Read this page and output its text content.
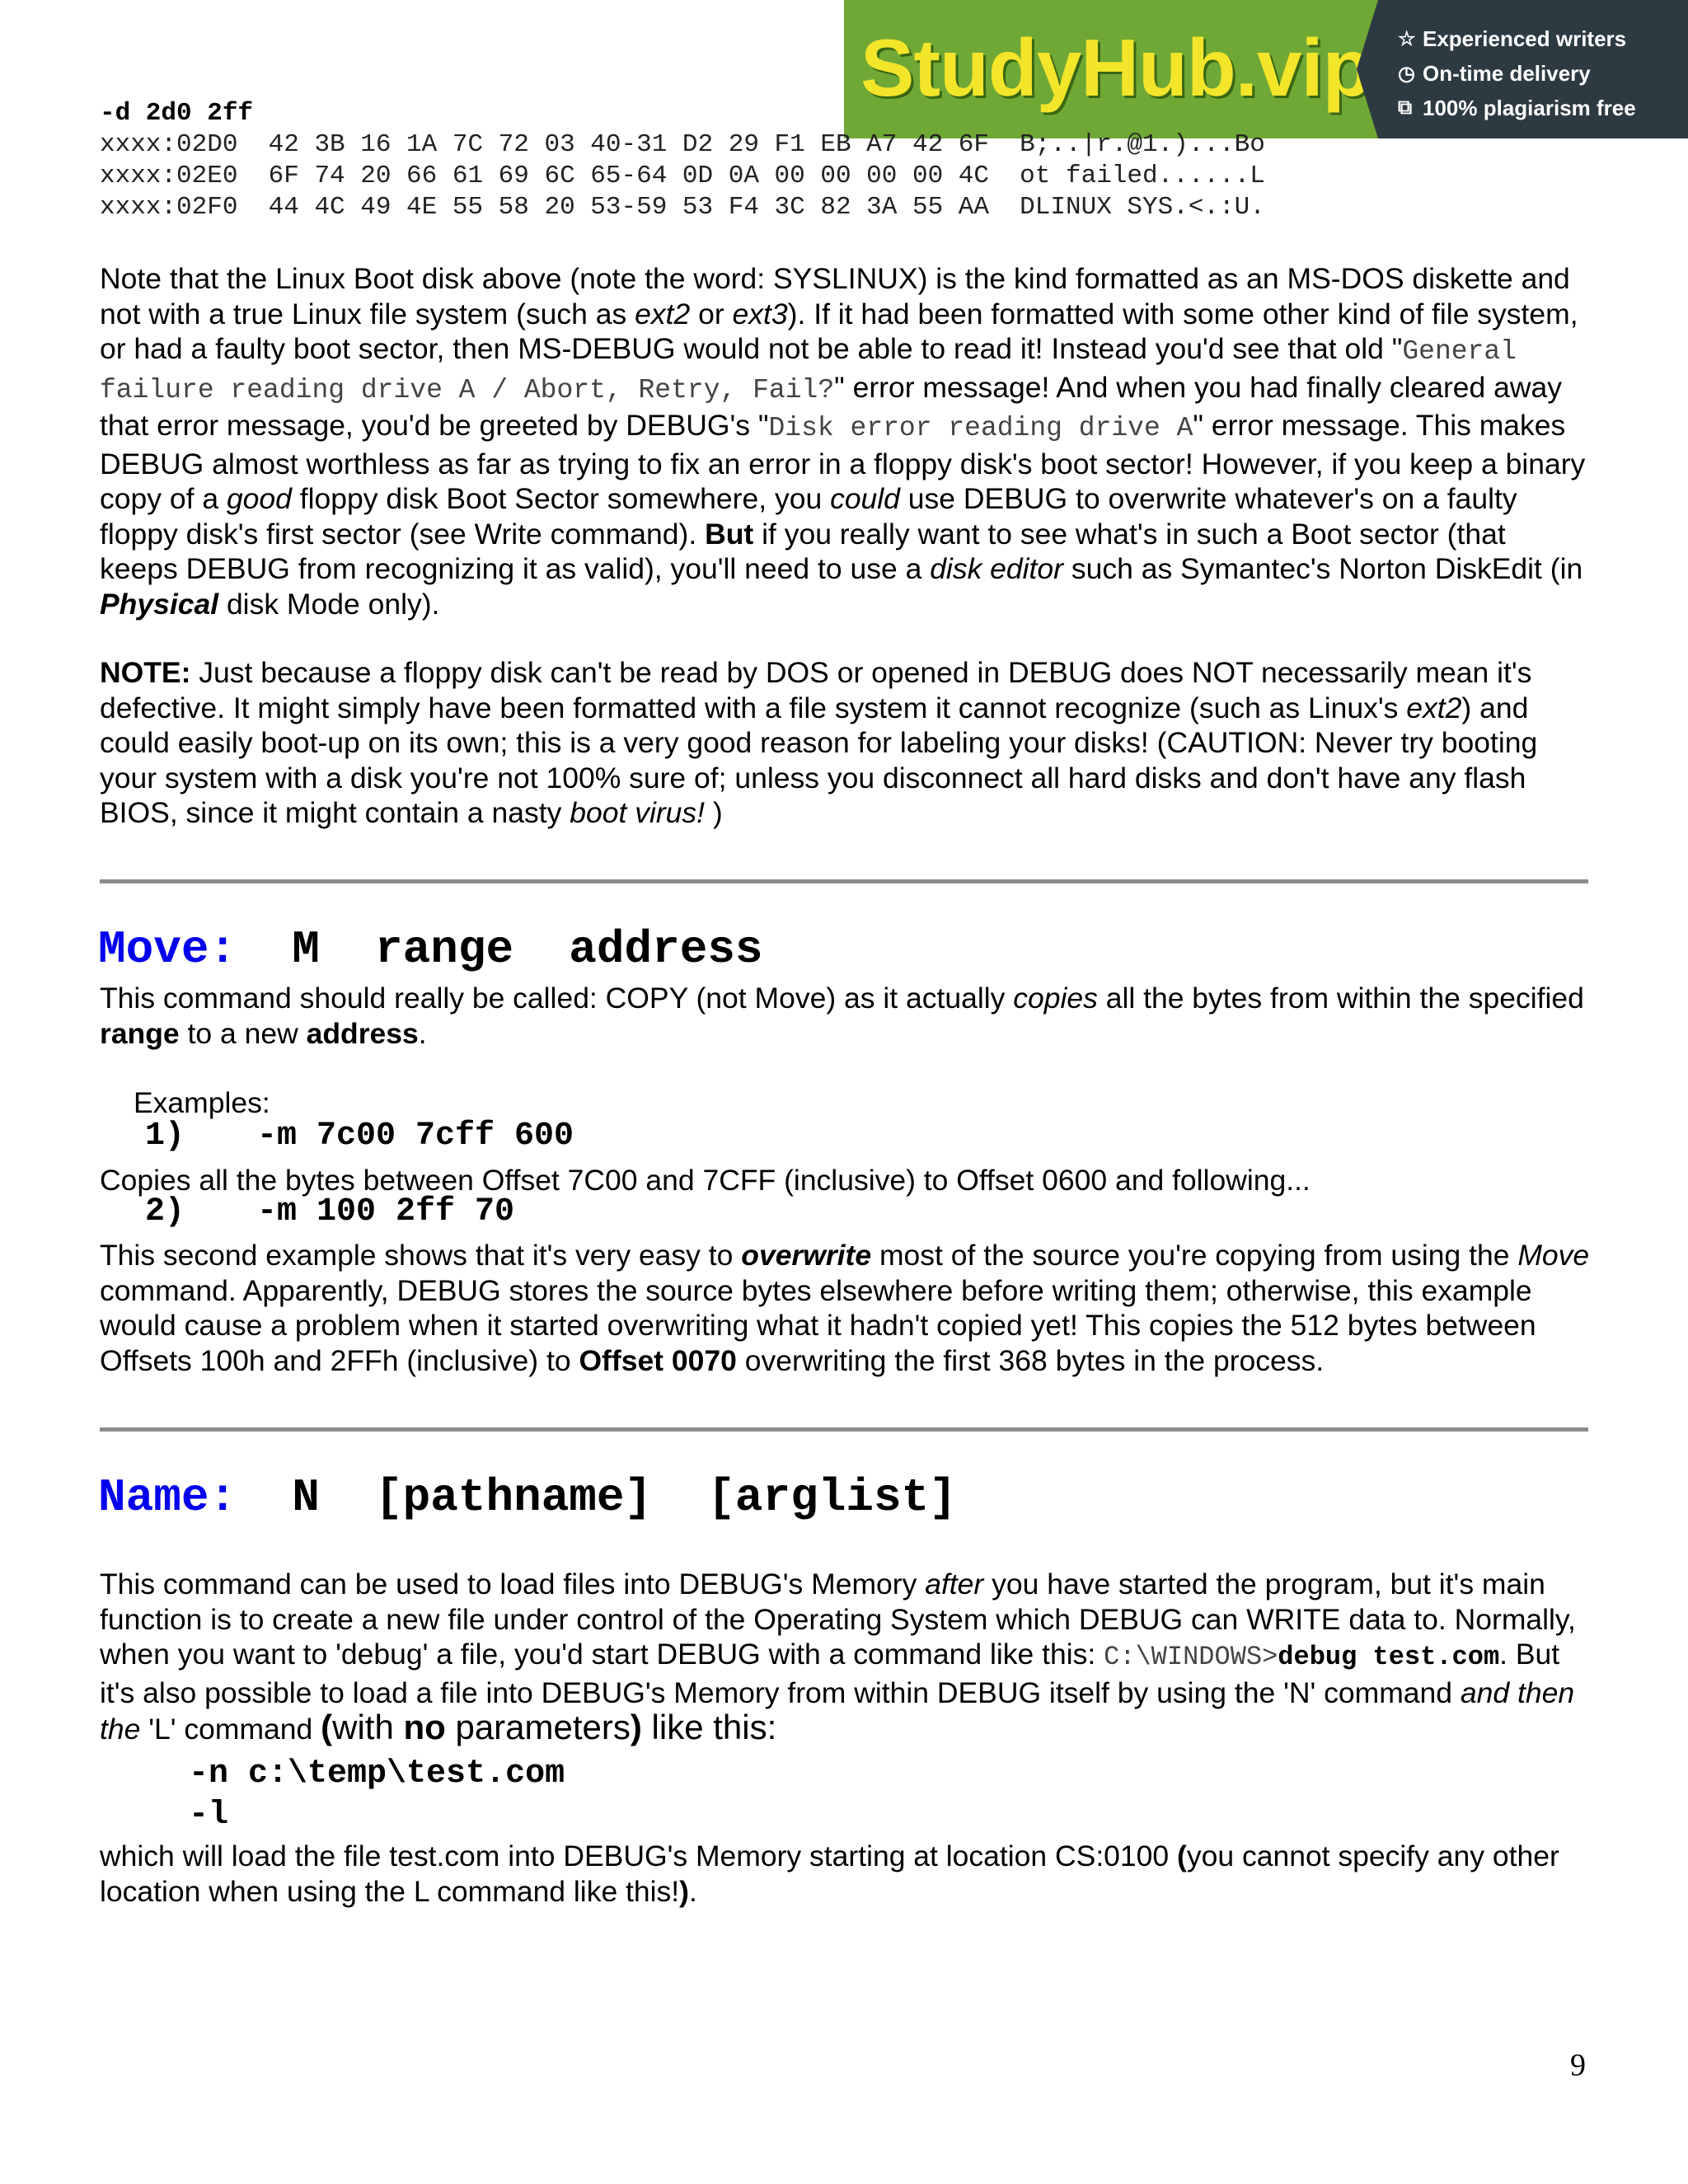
StudyHub.vip ☆ Experienced writers
◷ On-time delivery
⧉ 100% plagiarism free
-d 2d0 2ff
xxxx:02D0  42 3B 16 1A 7C 72 03 40-31 D2 29 F1 EB A7 42 6F  B;..|r.@1.)...Bo
xxxx:02E0  6F 74 20 66 61 69 6C 65-64 0D 0A 00 00 00 00 4C  ot failed......L
xxxx:02F0  44 4C 49 4E 55 58 20 53-59 53 F4 3C 82 3A 55 AA  DLINUX SYS.<.:U.

Note that the Linux Boot disk above (note the word: SYSLINUX) is the kind formatted as an MS-DOS diskette and not with a true Linux file system (such as ext2 or ext3). If it had been formatted with some other kind of file system, or had a faulty boot sector, then MS-DEBUG would not be able to read it! Instead you'd see that old "General failure reading drive A / Abort, Retry, Fail?" error message! And when you had finally cleared away that error message, you'd be greeted by DEBUG's "Disk error reading drive A" error message. This makes DEBUG almost worthless as far as trying to fix an error in a floppy disk's boot sector! However, if you keep a binary copy of a good floppy disk Boot Sector somewhere, you could use DEBUG to overwrite whatever's on a faulty floppy disk's first sector (see Write command). But if you really want to see what's in such a Boot sector (that keeps DEBUG from recognizing it as valid), you'll need to use a disk editor such as Symantec's Norton DiskEdit (in Physical disk Mode only).

NOTE: Just because a floppy disk can't be read by DOS or opened in DEBUG does NOT necessarily mean it's defective. It might simply have been formatted with a file system it cannot recognize (such as Linux's ext2) and could easily boot-up on its own; this is a very good reason for labeling your disks! (CAUTION: Never try booting your system with a disk you're not 100% sure of; unless you disconnect all hard disks and don't have any flash BIOS, since it might contain a nasty boot virus! )

Move:  M  range  address

This command should really be called: COPY (not Move) as it actually copies all the bytes from within the specified range to a new address.

Examples:
1) -m 7c00 7cff 600
Copies all the bytes between Offset 7C00 and 7CFF (inclusive) to Offset 0600 and following...
2) -m 100 2ff 70

This second example shows that it's very easy to overwrite most of the source you're copying from using the Move command. Apparently, DEBUG stores the source bytes elsewhere before writing them; otherwise, this example would cause a problem when it started overwriting what it hadn't copied yet! This copies the 512 bytes between Offsets 100h and 2FFh (inclusive) to Offset 0070 overwriting the first 368 bytes in the process.

Name:  N  [pathname]  [arglist]

This command can be used to load files into DEBUG's Memory after you have started the program, but it's main function is to create a new file under control of the Operating System which DEBUG can WRITE data to. Normally, when you want to 'debug' a file, you'd start DEBUG with a command like this: C:\WINDOWS>debug test.com. But it's also possible to load a file into DEBUG's Memory from within DEBUG itself by using the 'N' command and then the 'L' command (with no parameters) like this:

-n c:\temp\test.com
-l

which will load the file test.com into DEBUG's Memory starting at location CS:0100 (you cannot specify any other location when using the L command like this!).

9
